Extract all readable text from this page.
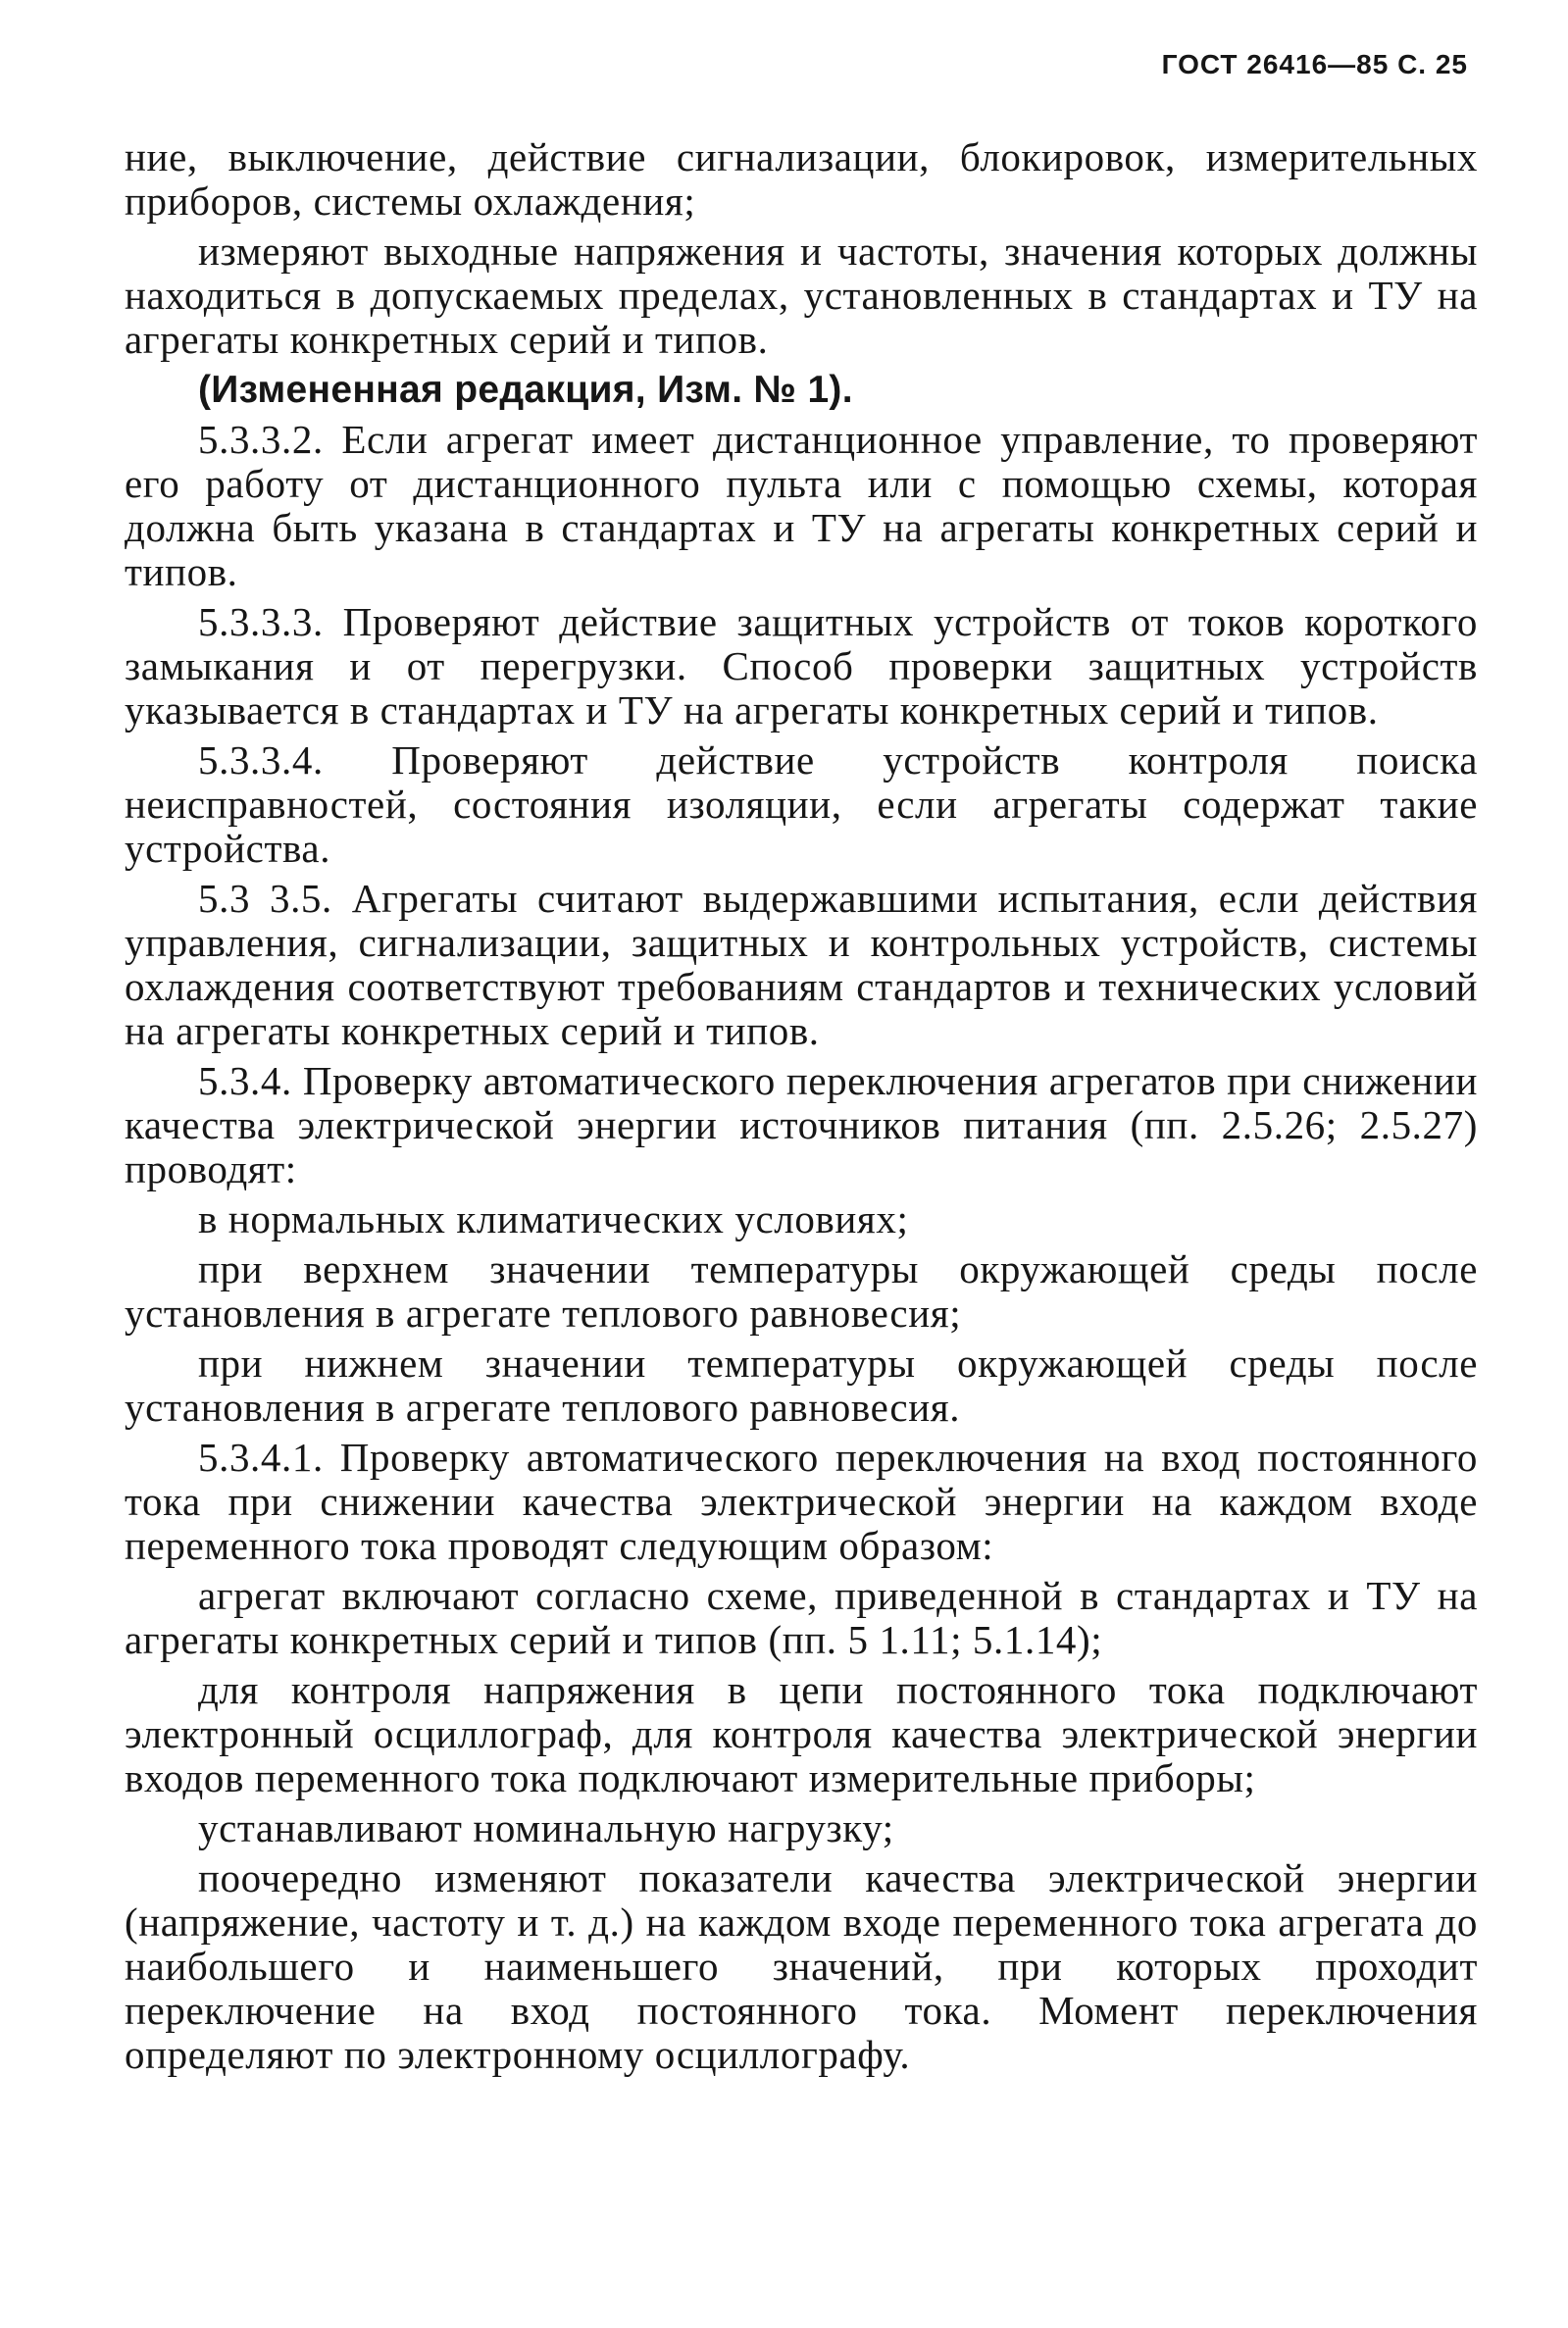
ГОСТ 26416—85 С. 25

ние, выключение, действие сигнализации, блокировок, измерительных приборов, системы охлаждения;

измеряют выходные напряжения и частоты, значения которых должны находиться в допускаемых пределах, установленных в стандартах и ТУ на агрегаты конкретных серий и типов.

(Измененная редакция, Изм. № 1).

5.3.3.2. Если агрегат имеет дистанционное управление, то проверяют его работу от дистанционного пульта или с помощью схемы, которая должна быть указана в стандартах и ТУ на агрегаты конкретных серий и типов.

5.3.3.3. Проверяют действие защитных устройств от токов короткого замыкания и от перегрузки. Способ проверки защитных устройств указывается в стандартах и ТУ на агрегаты конкретных серий и типов.

5.3.3.4. Проверяют действие устройств контроля поиска неисправностей, состояния изоляции, если агрегаты содержат такие устройства.

5.3 3.5. Агрегаты считают выдержавшими испытания, если действия управления, сигнализации, защитных и контрольных устройств, системы охлаждения соответствуют требованиям стандартов и технических условий на агрегаты конкретных серий и типов.

5.3.4. Проверку автоматического переключения агрегатов при снижении качества электрической энергии источников питания (пп. 2.5.26; 2.5.27) проводят:

в нормальных климатических условиях;

при верхнем значении температуры окружающей среды после установления в агрегате теплового равновесия;

при нижнем значении температуры окружающей среды после установления в агрегате теплового равновесия.

5.3.4.1. Проверку автоматического переключения на вход постоянного тока при снижении качества электрической энергии на каждом входе переменного тока проводят следующим образом:

агрегат включают согласно схеме, приведенной в стандартах и ТУ на агрегаты конкретных серий и типов (пп. 5 1.11; 5.1.14);

для контроля напряжения в цепи постоянного тока подключают электронный осциллограф, для контроля качества электрической энергии входов переменного тока подключают измерительные приборы;

устанавливают номинальную нагрузку;

поочередно изменяют показатели качества электрической энергии (напряжение, частоту и т. д.) на каждом входе переменного тока агрегата до наибольшего и наименьшего значений, при которых проходит переключение на вход постоянного тока. Момент переключения определяют по электронному осциллографу.
